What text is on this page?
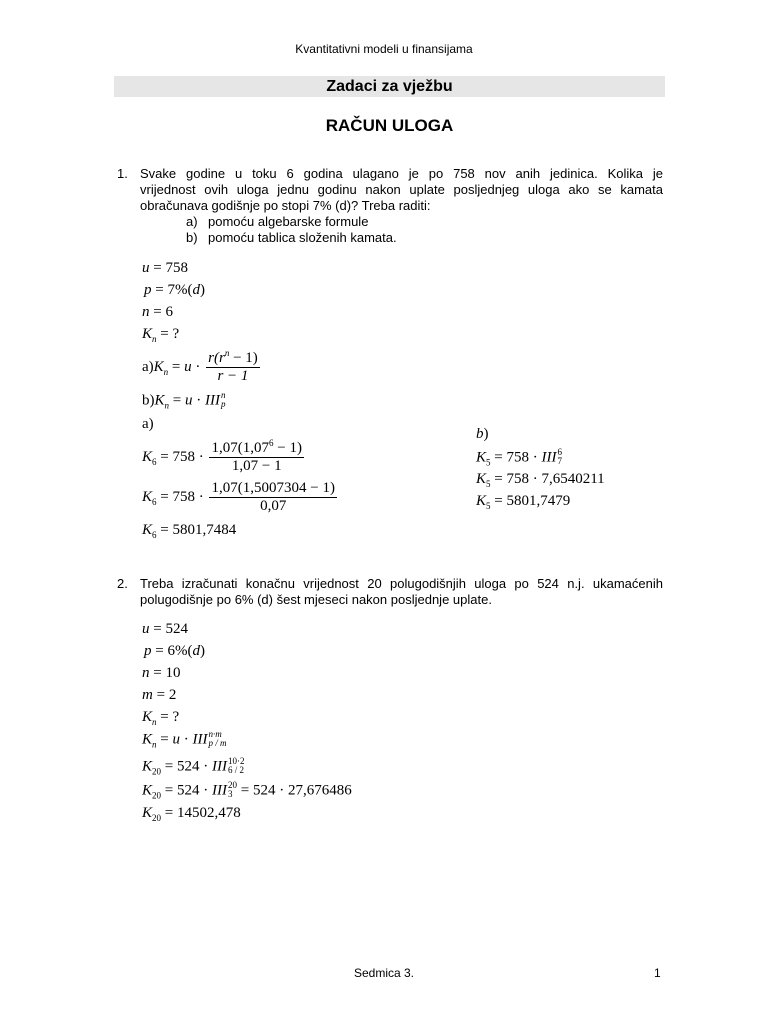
Kvantitativni modeli u finansijama
Zadaci za vježbu
RAČUN ULOGA
1. Svake godine u toku 6 godina ulagano je po 758 nov anih jedinica. Kolika je
vrijednost ovih uloga jednu godinu nakon uplate posljednjeg uloga ako se kamata
obračunava godišnje po stopi 7% (d)? Treba raditi:
a) pomoću algebarske formule
b) pomoću tablica složenih kamata.
u = 758
p = 7%(d)
n = 6
$K_n$ = ?
$a)K_n = u \cdot \frac{r(r^n - 1)}{r - 1}$
$b)K_n = u$ · III n
p
a)
$K_6 = 758 \cdot \frac{1,07(1,07^6 - 1)}{1,07 - 1}$
$K_6 = 758 \cdot \frac{1,07(1,5007304 - 1)}{0,07}$
$K_6 = 5801,7484$
b)
$K_5 = 758$ · III 6
7
$K_5 = 758 \cdot 7,6540211$
$K_5 = 5801,7479$
2. Treba izračunati konačnu vrijednost 20 polugodišnjih uloga po 524 n.j. ukamaćenih
polugodišnje po 6% (d) šest mjeseci nakon posljednje uplate.
u = 524
p = 6%(d)
n = 10
m = 2
$K_n$ = ?
$K_n = u$ · III n·m
p / m
$K_{20} = 524$ · III 10·2
6 / 2
$K_{20} = 524$ · III 20
3 = 524 · 27,676486
$K_{20} = 14502,478$
Sedmica 3.	1
